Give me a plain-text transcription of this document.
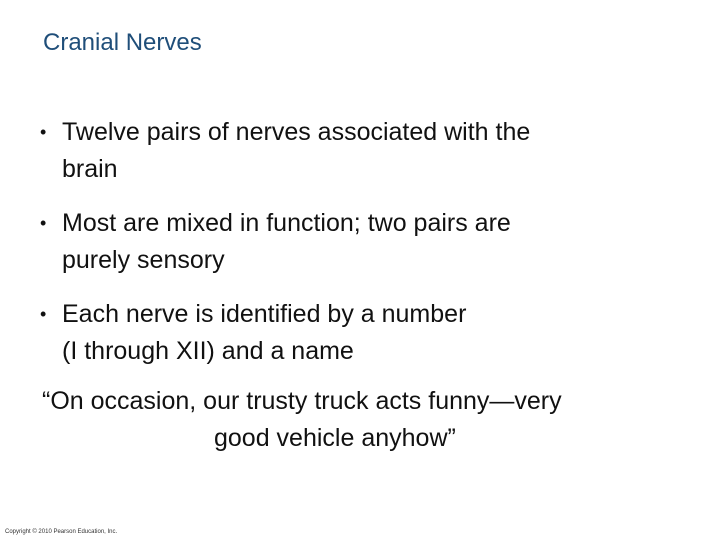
Cranial Nerves
• Twelve pairs of nerves associated with the
brain
• Most are mixed in function; two pairs are
purely sensory
• Each nerve is identified by a number
(I through XII) and a name
“On occasion, our trusty truck acts funny—very
good vehicle anyhow”
Copyright © 2010 Pearson Education, Inc.
